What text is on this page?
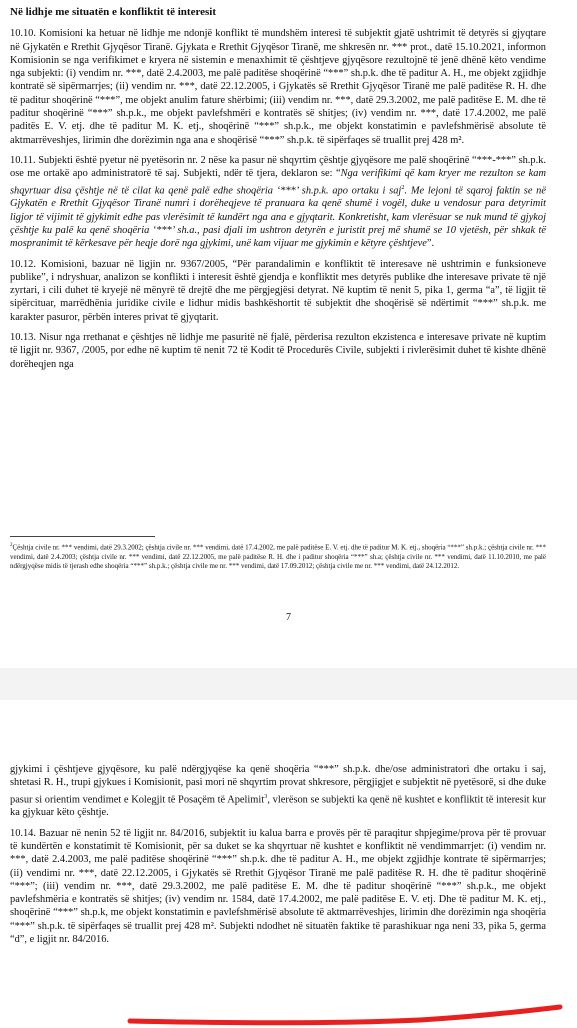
Në lidhje me situatën e konfliktit të interesit

10.10. Komisioni ka hetuar në lidhje me ndonjë konflikt të mundshëm interesi të subjektit gjatë ushtrimit të detyrës si gjyqtare në Gjykatën e Rrethit Gjyqësor Tiranë. Gjykata e Rrethit Gjyqësor Tiranë, me shkresën nr. *** prot., datë 15.10.2021, informon Komisionin se nga verifikimet e kryera në sistemin e menaxhimit të çështjeve gjyqësore rezultojnë të jenë dhënë këto vendime nga subjekti: (i) vendim nr. ***, datë 2.4.2003, me palë paditëse shoqërinë “***” sh.p.k. dhe të paditur A. H., me objekt zgjidhje kontratë së sipërmarrjes; (ii) vendim nr. ***, datë 22.12.2005, i Gjykatës së Rrethit Gjyqësor Tiranë me palë paditëse R. H. dhe të paditur shoqërinë “***”, me objekt anulim fature shërbimi; (iii) vendim nr. ***, datë 29.3.2002, me palë paditëse E. M. dhe të paditur shoqërinë “***” sh.p.k., me objekt pavlefshmëri e kontratës së shitjes; (iv) vendim nr. ***, datë 17.4.2002, me palë paditës E. V. etj. dhe të paditur M. K. etj., shoqërinë “***” sh.p.k., me objekt konstatimin e pavlefshmërisë absolute të aktmarrëveshjes, lirimin dhe dorëzimin nga ana e shoqërisë “***” sh.p.k. të sipërfaqes së truallit prej 428 m².

10.11. Subjekti është pyetur në pyetësorin nr. 2 nëse ka pasur në shqyrtim çështje gjyqësore me palë shoqërinë “***-***” sh.p.k. ose me ortakë apo administratorë të saj. Subjekti, ndër të tjera, deklaron se: “Nga verifikimi që kam kryer me rezulton se kam shqyrtuar disa çështje në të cilat ka qenë palë edhe shoqëria ‘***’ sh.p.k. apo ortaku i saj$^2$. Me lejoni të sqaroj faktin se në Gjykatën e Rrethit Gjyqësor Tiranë numri i dorëheqjeve të pranuara ka qenë shumë i vogël, duke u vendosur para detyrimit ligjor të vijimit të gjykimit edhe pas vlerësimit të kundërt nga ana e gjyqtarit. Konkretisht, kam vlerësuar se nuk mund të gjykoj çështje ku palë ka qenë shoqëria ‘***’ sh.a., pasi djali im ushtron detyrën e juristit prej më shumë se 10 vjetësh, për shkak të mospranimit të kërkesave për heqje dorë nga gjykimi, unë kam vijuar me gjykimin e këtyre çështjeve”.

10.12. Komisioni, bazuar në ligjin nr. 9367/2005, “Për parandalimin e konfliktit të interesave në ushtrimin e funksioneve publike”, i ndryshuar, analizon se konflikti i interesit është gjendja e konfliktit mes detyrës publike dhe interesave private të një zyrtari, i cili duhet të kryejë në mënyrë të drejtë dhe me përgjegjësi detyrat. Në kuptim të nenit 5, pika 1, germa “a”, të ligjit të sipërcituar, marrëdhënia juridike civile e lidhur midis bashkëshortit të subjektit dhe shoqërisë së ndërtimit “***” sh.p.k. me karakter pasuror, përbën interes privat të gjyqtarit.

10.13. Nisur nga rrethanat e çështjes në lidhje me pasuritë në fjalë, përderisa rezulton ekzistenca e interesave private në kuptim të ligjit nr. 9367, /2005, por edhe në kuptim të nenit 72 të Kodit të Procedurës Civile, subjekti i rivlerësimit duhet të kishte dhënë dorëheqjen nga

$^2$Çështja civile nr. *** vendimi, datë 29.3.2002; çështja civile nr. *** vendimi, datë 17.4.2002, me palë paditëse E. V. etj. dhe të paditur M. K. etj., shoqëria “***” sh.p.k.; çështja civile nr. *** vendimi, datë 2.4.2003; çështja civile nr. *** vendimi, datë 22.12.2005, me palë paditëse R. H. dhe i paditur shoqëria “***” sh.a; çështja civile nr. *** vendimi, datë 11.10.2010, me palë ndërgjyqëse midis të tjerash edhe shoqëria “***” sh.p.k.; çështja civile me nr. *** vendimi, datë 17.09.2012; çështja civile me nr. *** vendimi, datë 24.12.2012.
7

gjykimi i çështjeve gjyqësore, ku palë ndërgjyqëse ka qenë shoqëria “***” sh.p.k. dhe/ose administratori dhe ortaku i saj, shtetasi R. H., trupi gjykues i Komisionit, pasi mori në shqyrtim provat shkresore, përgjigjet e subjektit në pyetësorë, si dhe duke pasur si orientim vendimet e Kolegjit të Posaçëm të Apelimit$^3$, vlerëson se subjekti ka qenë në kushtet e konfliktit të interesit kur ka gjykuar këto çështje.

10.14. Bazuar në nenin 52 të ligjit nr. 84/2016, subjektit iu kalua barra e provës për të paraqitur shpjegime/prova për të provuar të kundërtën e konstatimit të Komisionit, për sa duket se ka shqyrtuar në kushtet e konfliktit në vendimmarrjet: (i) vendim nr. ***, datë 2.4.2003, me palë paditëse shoqërinë “***” sh.p.k. dhe të paditur A. H., me objekt zgjidhje kontrate të sipërmarrjes; (ii) vendimi nr. ***, datë 22.12.2005, i Gjykatës së Rrethit Gjyqësor Tiranë me palë paditëse R. H. dhe të paditur shoqërinë “***”; (iii) vendim nr. ***, datë 29.3.2002, me palë paditëse E. M. dhe të paditur shoqërinë “***” sh.p.k., me objekt pavlefshmëria e kontratës së shitjes; (iv) vendim nr. 1584, datë 17.4.2002, me palë paditëse E. V. etj. Dhe të paditur M. K. etj., shoqërinë “***” sh.p.k, me objekt konstatimin e pavlefshmërisë absolute të aktmarrëveshjes, lirimin dhe dorëzimin nga shoqëria “***” sh.p.k. të sipërfaqes së truallit prej 428 m². Subjekti ndodhet në situatën faktike të parashikuar nga neni 33, pika 5, germa “d”, e ligjit nr. 84/2016.
